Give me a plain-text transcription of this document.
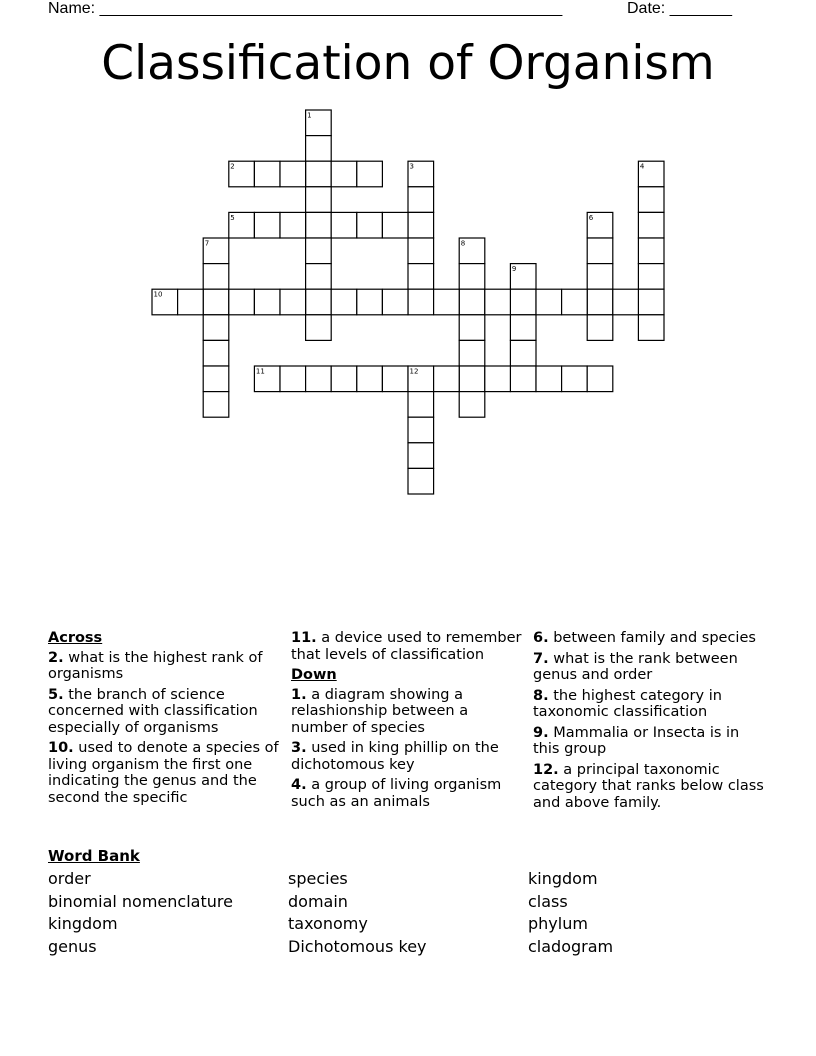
Name: ____________________________________________________	Date: _______
Classification of Organism
1
2	3	4
5	6
7	8
9
10
11	12
Across
2. what is the highest rank of organisms
5. the branch of science concerned with classification especially of organisms
10. used to denote a species of living organism the first one indicating the genus and the second the specific
11. a device used to remember that levels of classification
Down
1. a diagram showing a relashionship between a number of species
3. used in king phillip on the dichotomous key
4. a group of living organism such as an animals
6. between family and species
7. what is the rank between genus and order
8. the highest category in taxonomic classification
9. Mammalia or Insecta is in this group
12. a principal taxonomic category that ranks below class and above family.
Word Bank
order	species	kingdom
binomial nomenclature	domain	class
kingdom	taxonomy	phylum
genus	Dichotomous key	cladogram
